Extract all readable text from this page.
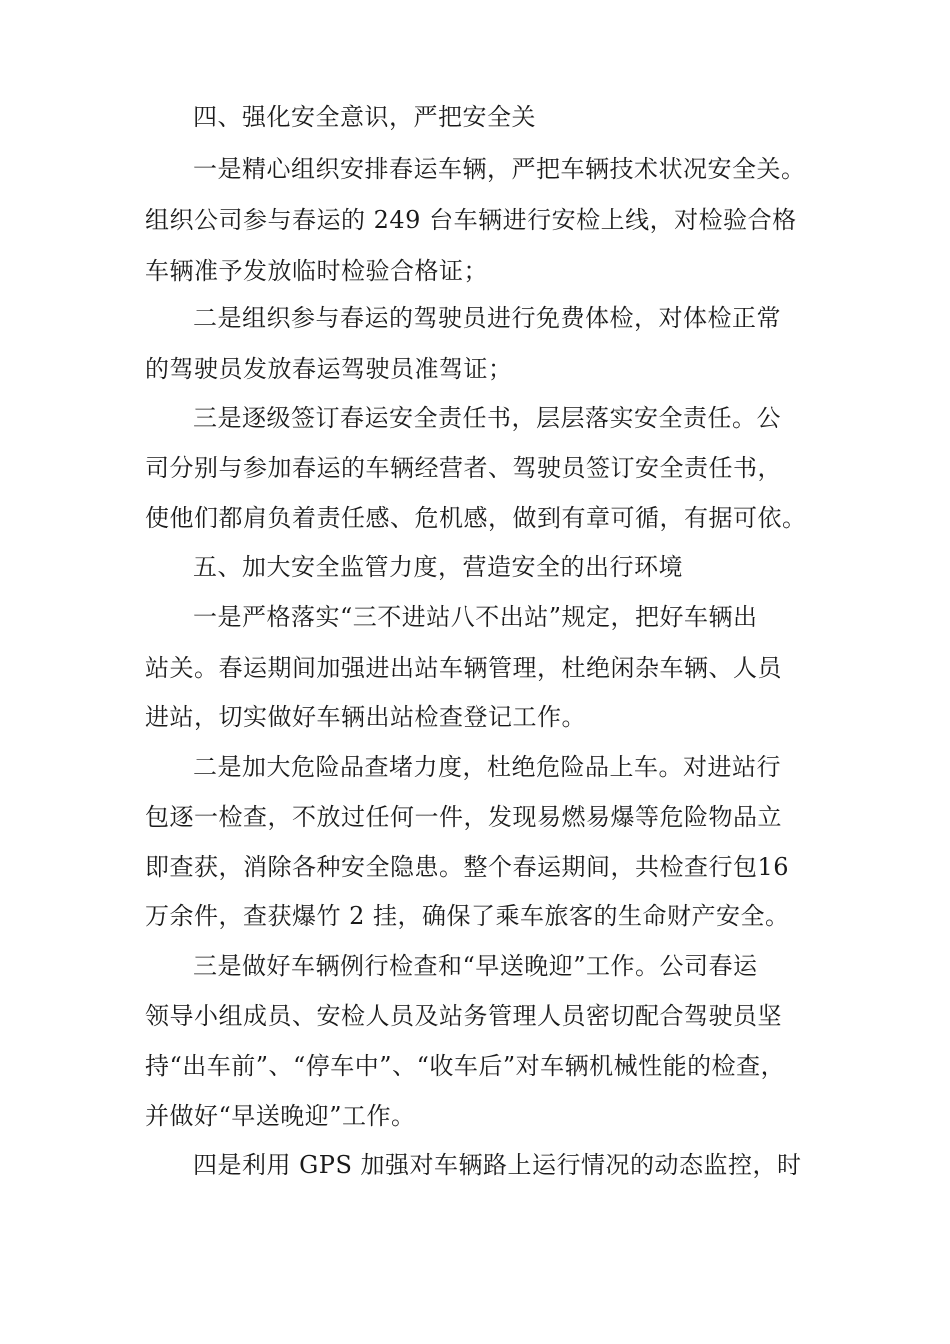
四、强化安全意识，严把安全关
一是精心组织安排春运车辆，严把车辆技术状况安全关。
组织公司参与春运的 249 台车辆进行安检上线，对检验合格
车辆准予发放临时检验合格证；
二是组织参与春运的驾驶员进行免费体检，对体检正常
的驾驶员发放春运驾驶员准驾证；
三是逐级签订春运安全责任书，层层落实安全责任。公
司分别与参加春运的车辆经营者、驾驶员签订安全责任书，
使他们都肩负着责任感、危机感，做到有章可循，有据可依。
五、加大安全监管力度，营造安全的出行环境
一是严格落实“三不进站八不出站”规定，把好车辆出
站关。春运期间加强进出站车辆管理，杜绝闲杂车辆、人员
进站，切实做好车辆出站检查登记工作。
二是加大危险品查堵力度，杜绝危险品上车。对进站行
包逐一检查，不放过任何一件，发现易燃易爆等危险物品立
即查获，消除各种安全隐患。整个春运期间，共检查行包16
万余件，查获爆竹 2 挂，确保了乘车旅客的生命财产安全。
三是做好车辆例行检查和“早送晚迎”工作。公司春运
领导小组成员、安检人员及站务管理人员密切配合驾驶员坚
持“出车前”、“停车中”、“收车后”对车辆机械性能的检查，
并做好“早送晚迎”工作。
四是利用 GPS 加强对车辆路上运行情况的动态监控，时
